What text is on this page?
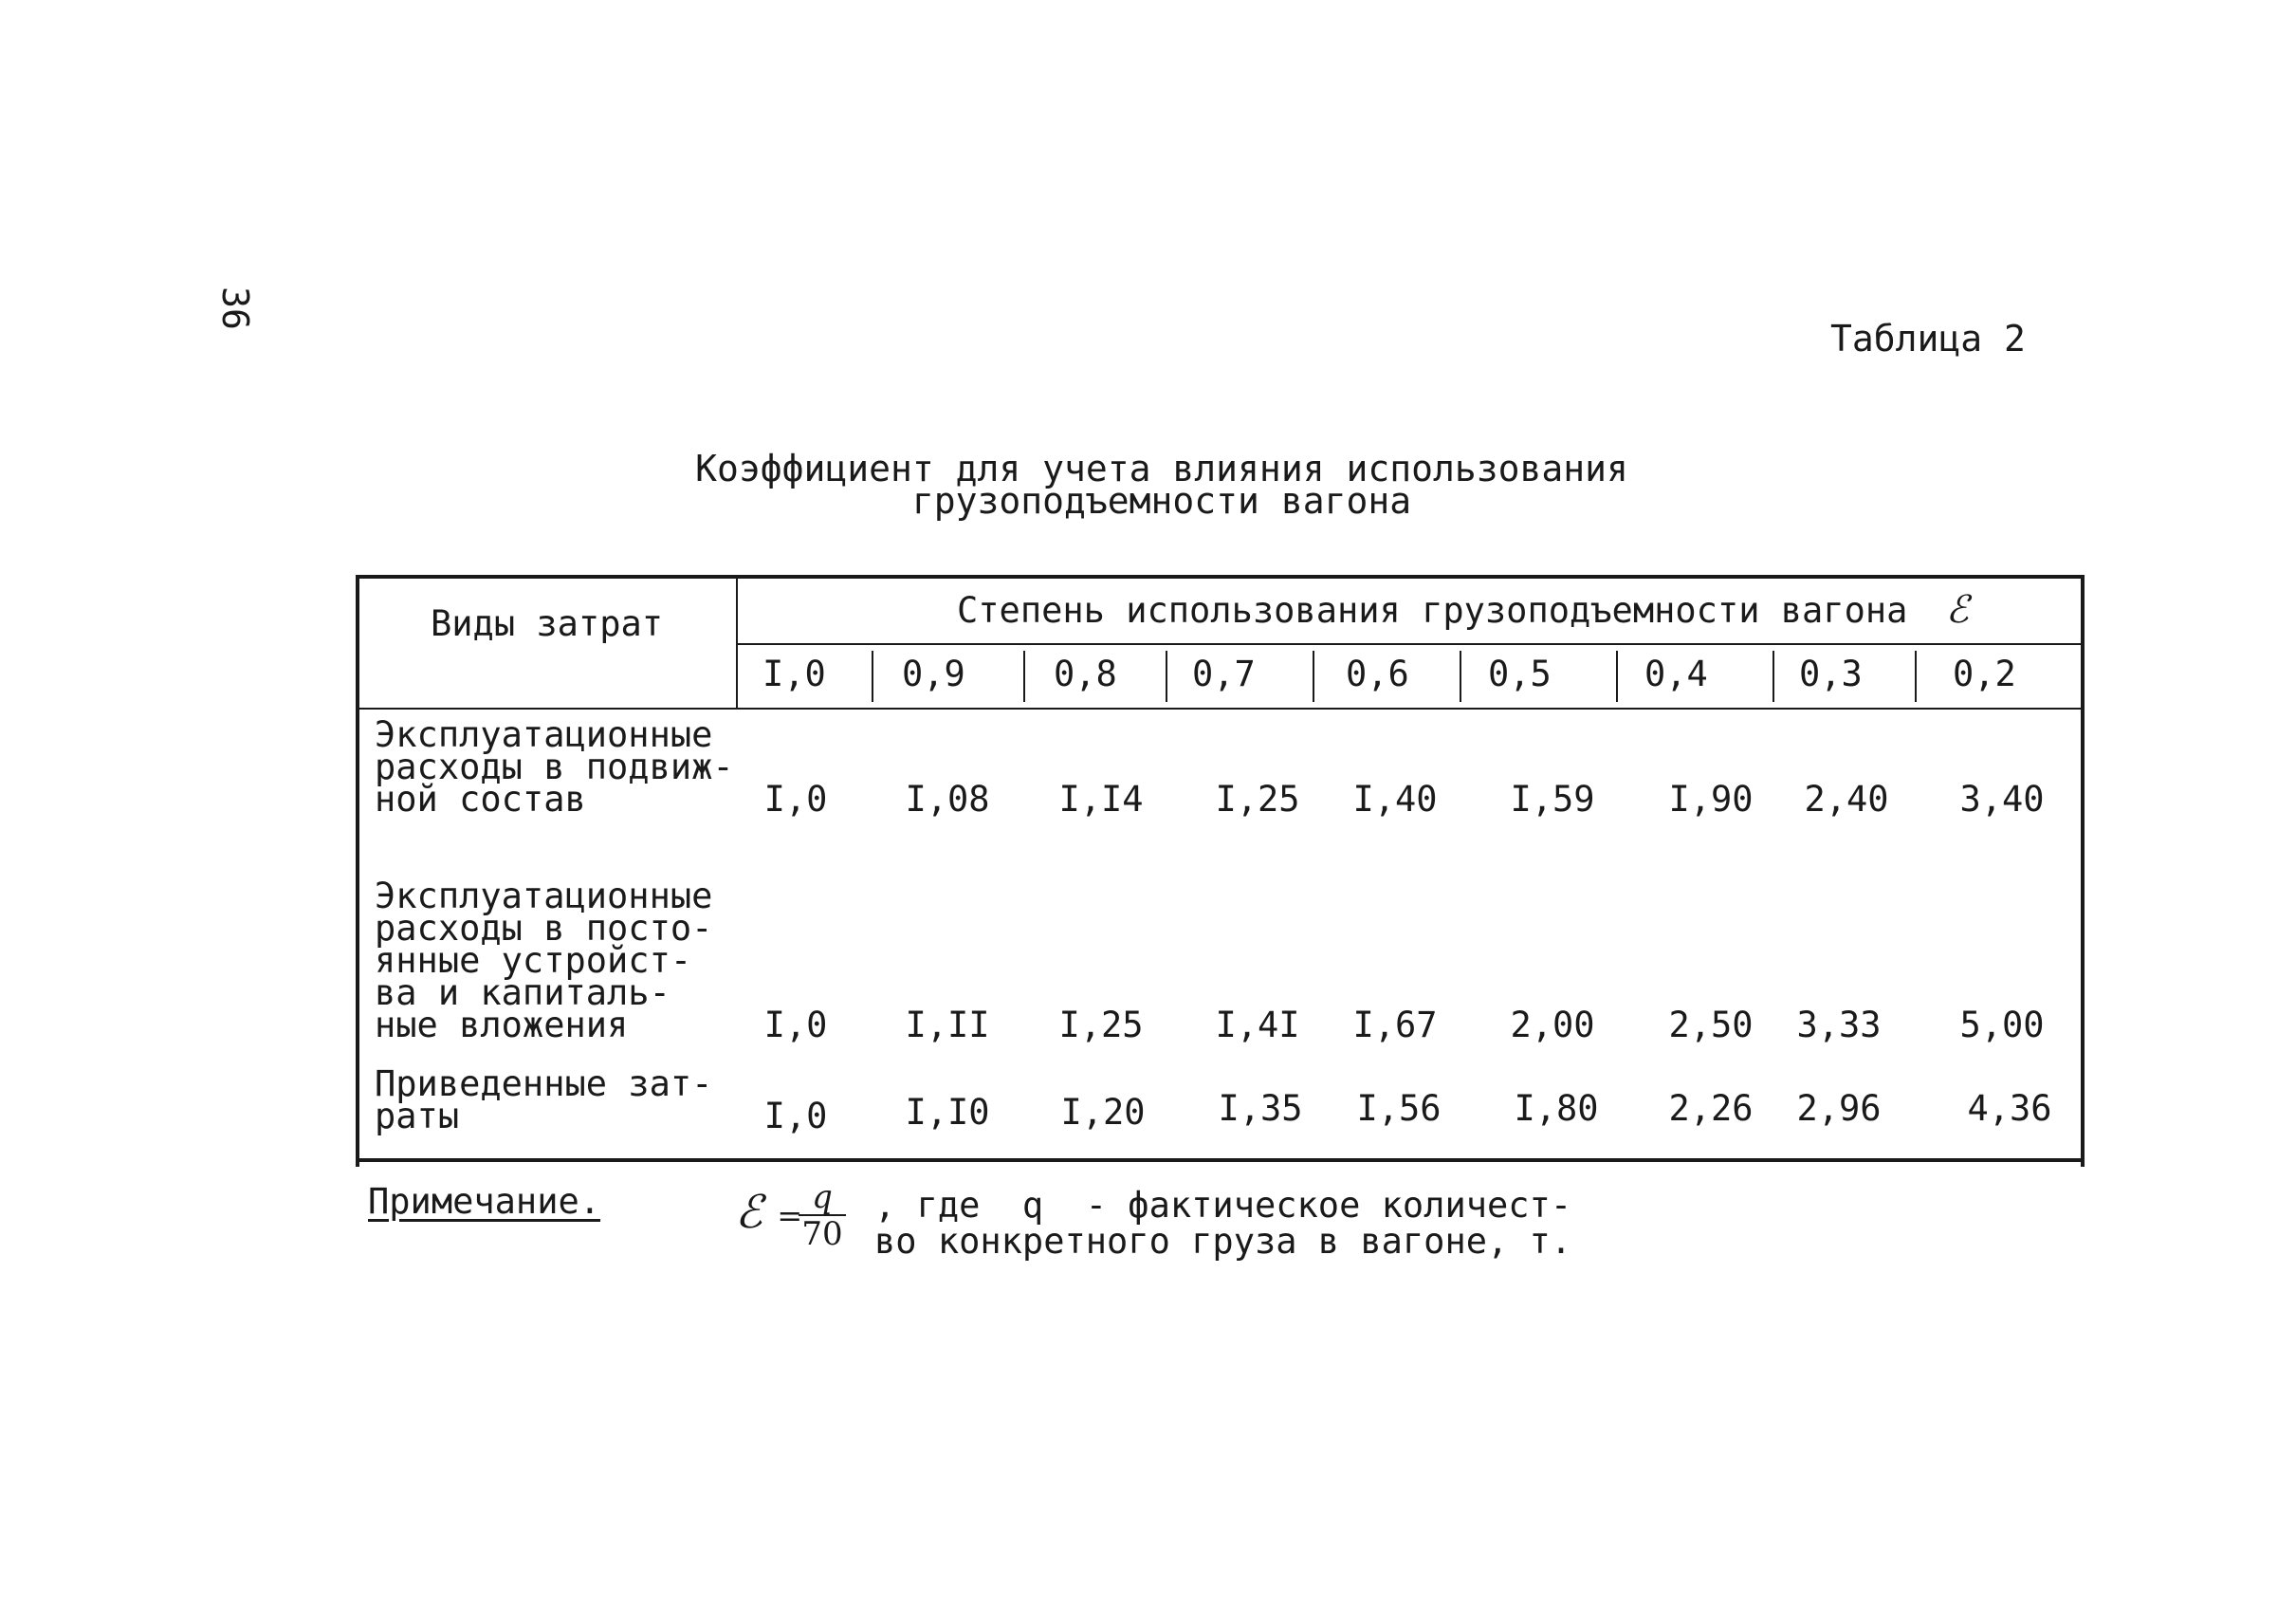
36
Таблица 2
Коэффициент для учета влияния использования
грузоподъемности вагона
Виды затрат	Степень использования грузоподъемности вагона ℰ
I,0 0,9	0,8 0,7	0,6 0,5	0,4	0,3	0,2
Эксплуатационные
расходы в подвиж-
ной состав	I,0	I,08	I,I4	I,25	I,40	I,59	I,90	2,40	3,40
Эксплуатационные
расходы в посто-
янные устройст-
ва и капиталь-
ные вложения	I,0	I,II	I,25	I,4I	I,67	2,00	2,50	3,33	5,00
Приведенные зат-
раты	I,0	I,I0	I,20	I,35	I,56	I,80	2,26	2,96	4,36
Примечание.	ℰ =
$\frac{q}{70}$ , где  q  - фактическое количест-
во конкретного груза в вагоне, т.
